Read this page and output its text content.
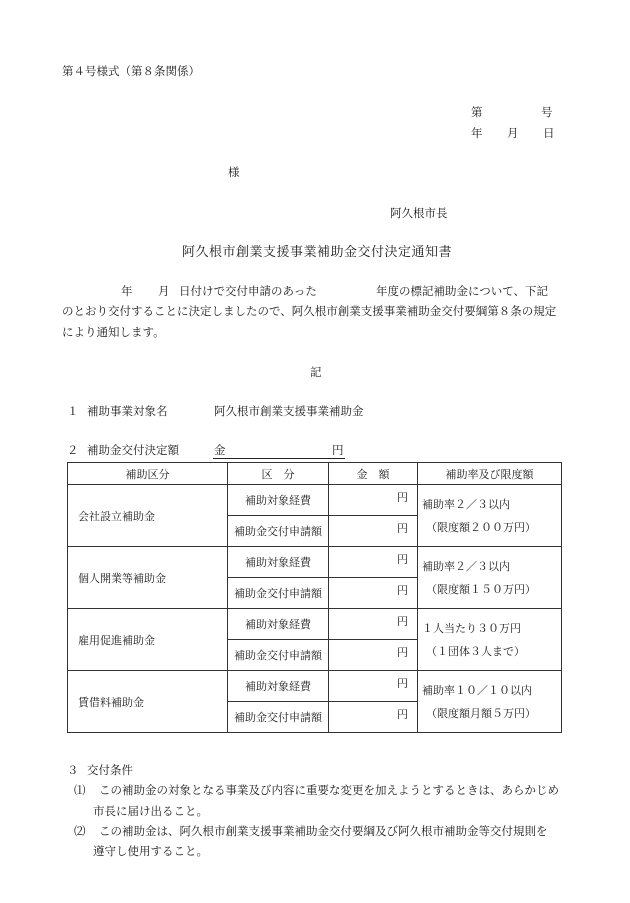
第４号様式（第８条関係）
第	号
年 月 日
様
阿久根市長
阿久根市創業支援事業補助金交付決定通知書
年 月 日付けで交付申請のあった	年度の標記補助金について、下記
のとおり交付することに決定しましたので、阿久根市創業支援事業補助金交付要綱第８条の規定
により通知します。
記
１ 補助事業対象名	阿久根市創業支援事業補助金
２ 補助金交付決定額	金	円
補助区分	区　分	金　額	補助率及び限度額
会社設立補助金	補助対象経費	円	補助率２／３以内
（限度額２００万円）

	補助金交付申請額	円	
個人開業等補助金	補助対象経費	円	補助率２／３以内
（限度額１５０万円）

	補助金交付申請額	円	
雇用促進補助金	補助対象経費	円	１人当たり３０万円
（１団体３人まで）

	補助金交付申請額	円	
賃借料補助金	補助対象経費	円	補助率１０／１０以内
（限度額月額５万円）

	補助金交付申請額	円	
３ 交付条件
⑴ この補助金の対象となる事業及び内容に重要な変更を加えようとするときは、あらかじめ
市長に届け出ること。
⑵ この補助金は、阿久根市創業支援事業補助金交付要綱及び阿久根市補助金等交付規則を
遵守し使用すること。
